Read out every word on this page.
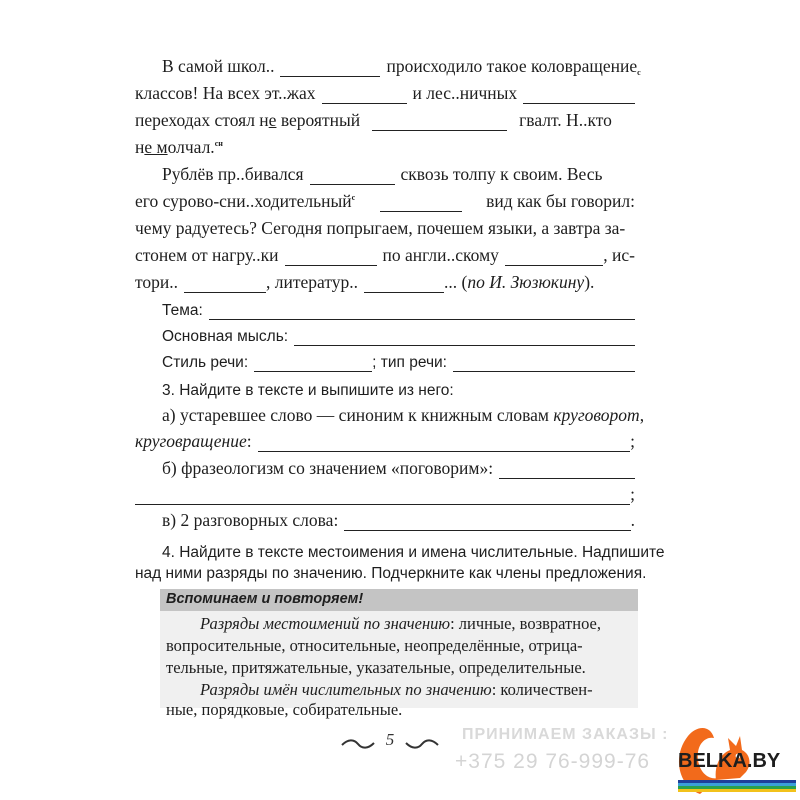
В самой школ..	происходило такое коловращение$_с$
классов! На всех эт..жах	и лес..ничных
переходах стоял не вероятный	гвалт. Н..кто
не молчал.$^{сн}$
Рублёв пр..бивался	сквозь толпу к своим. Весь
его сурово-сни..ходительный$^с$	вид как бы говорил:
чему радуетесь? Сегодня попрыгаем, почешем языки, а завтра за-
стонем от нагру..ки	по англи..скому	, ис-
тори..	, литератур..	... (по И. Зюзюкину).
Тема:
Основная мысль:
Стиль речи:	; тип речи:
3. Найдите в тексте и выпишите из него:
а) устаревшее слово — синоним к книжным словам круговорот,
круговращение:	;
б) фразеологизм со значением «поговорим»:
;
в) 2 разговорных слова:	.
4. Найдите в тексте местоимения и имена числительные. Надпишите
над ними разряды по значению. Подчеркните как члены предложения.
Вспоминаем и повторяем!
Разряды местоимений по значению: личные, возвратное,
вопросительные, относительные, неопределённые, отрица-
тельные, притяжательные, указательные, определительные.
Разряды имён числительных по значению: количествен-
ные, порядковые, собирательные.
5	ПРИНИМАЕМ ЗАКАЗЫ :
+375 29 76-999-76 BELKA.BY
